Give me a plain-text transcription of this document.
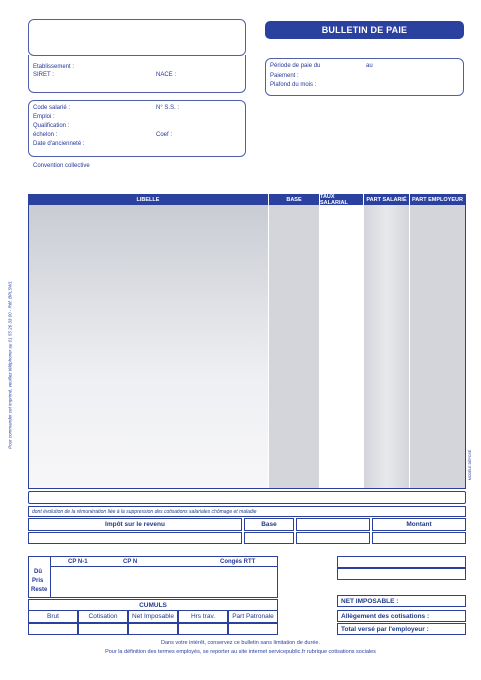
BULLETIN DE PAIE
Etablissement :
SIRET :	NACE :
Période de paie du	au
Paiement :
Plafond du mois :
Code salarié :	N° S.S. :
Emploi :
Qualification :
échelon :	Coef :
Date d'ancienneté :
Convention collective
LIBELLE	BASE	TAUX SALARIAL	PART SALARIÉ PART EMPLOYEUR
dont évolution de la rémunération liée à la suppression des cotisations salariales chômage et maladie
Impôt sur le revenu	Base	Montant
CP N-1	CP N	Congés RTT
Dû
Pris
Reste
CUMULS
Brut	Cotisation Net Imposable	Hrs trav.	Part Patronale
NET IMPOSABLE :
Allègement des cotisations :
Total versé par l'employeur :
Dans votre intérêt, conservez ce bulletin sans limitation de durée.
Pour la définition des termes employés, se reporter au site internet servicepublic.fr rubrique cotisations sociales
Pour commander cet imprimé, veuillez téléphoner au 01 55 26 33 00 - Réf. BPL5W1
MODÈLE DÉPOSÉ
